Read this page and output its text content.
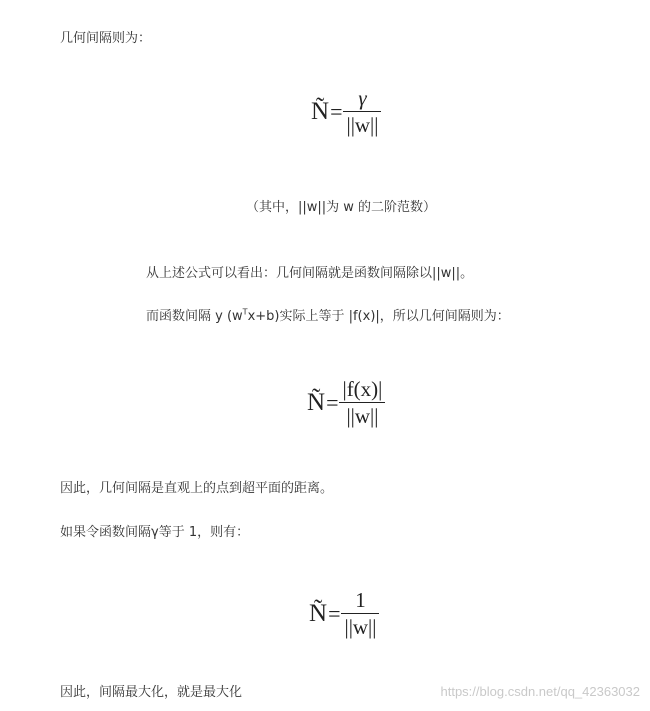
几何间隔则为：
Ñ = $\frac{\gamma}{||w||}$
（其中，||w||为 w 的二阶范数）
从上述公式可以看出：几何间隔就是函数间隔除以||w||。
而函数间隔 y $(w^Tx+b)$实际上等于 |f(x)|，所以几何间隔则为：
Ñ = $\frac{|f(x)|}{||w||}$
因此，几何间隔是直观上的点到超平面的距离。
如果令函数间隔γ等于 1，则有：
Ñ = $\frac{1}{||w||}$
因此，间隔最大化，就是最大化	https://blog.csdn.net/qq_42363032
